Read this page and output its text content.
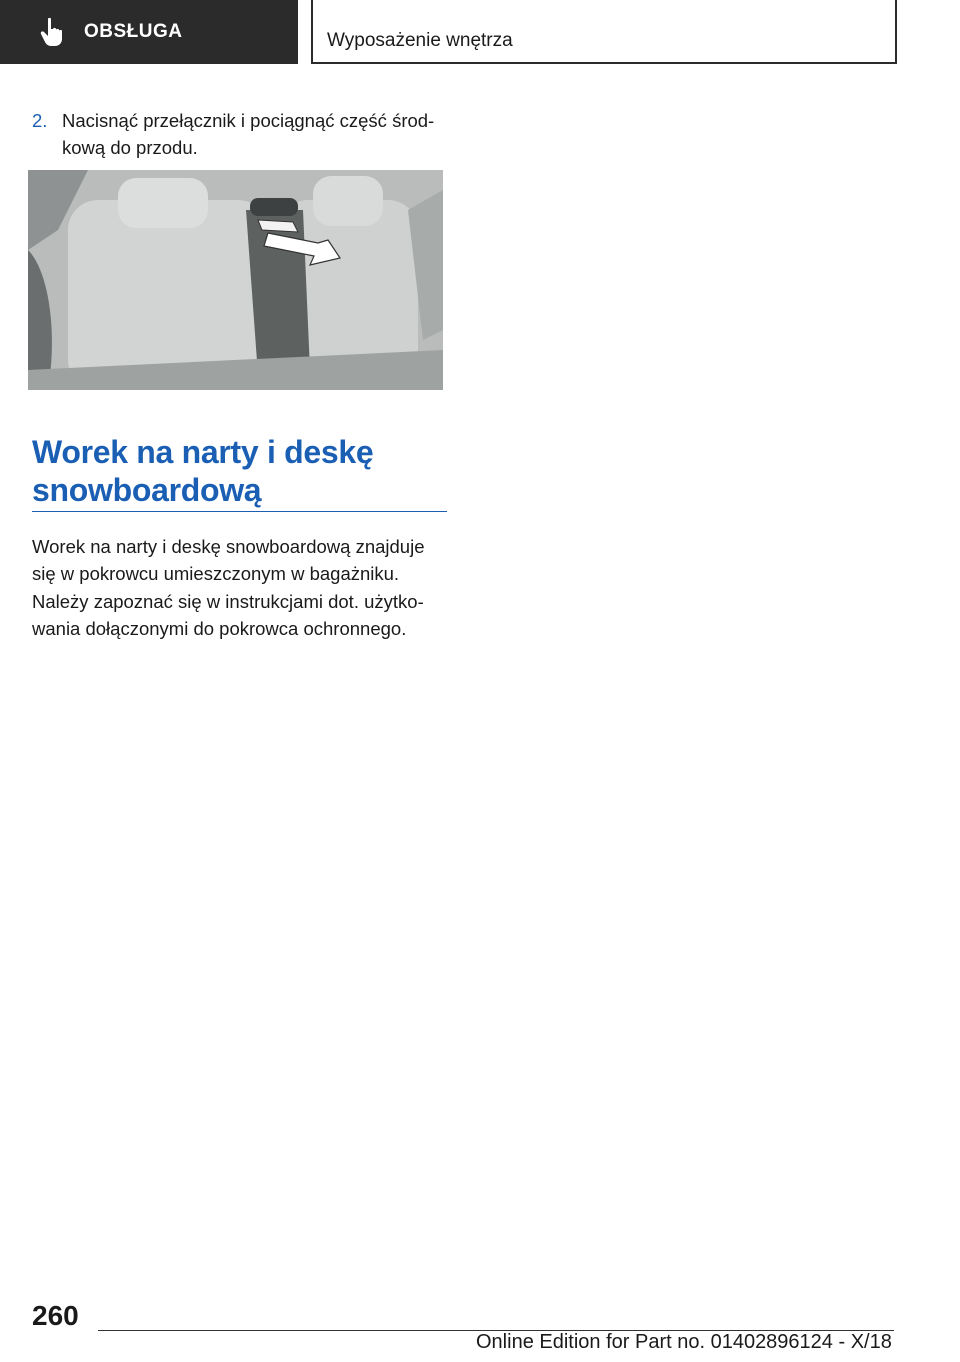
OBSŁUGA	Wyposażenie wnętrza
2. Nacisnąć przełącznik i pociągnąć część środ- kową do przodu.
Worek na narty i deskę snowboardową

Worek na narty i deskę snowboardową znajduje się w pokrowcu umieszczonym w bagażniku.

Należy zapoznać się w instrukcjami dot. użytko- wania dołączonymi do pokrowca ochronnego.

260
Online Edition for Part no. 01402896124 - X/18
